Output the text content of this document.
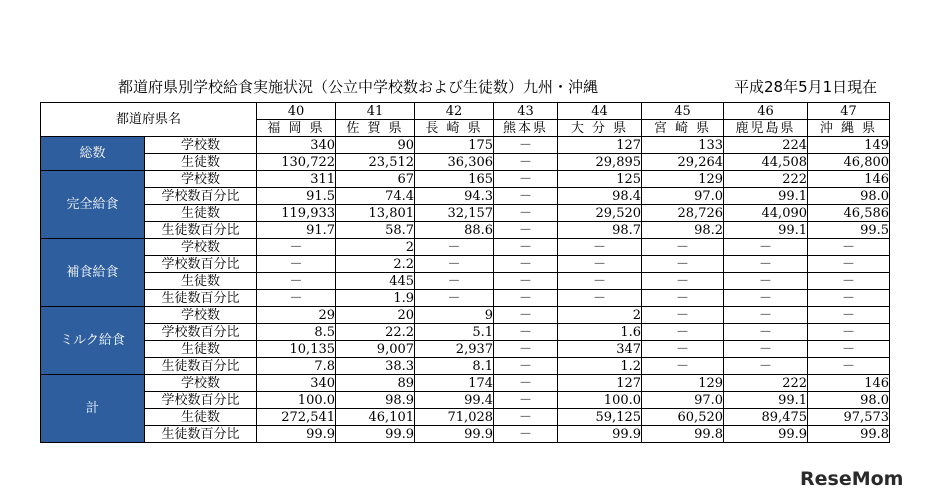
都道府県別学校給食実施状況（公立中学校数および生徒数）九州・沖縄	平成28年5月1日現在
都道府県名		40	41	42	43	44	45	46	47
		福 岡 県	佐 賀 県	長 崎 県	熊本県	大 分 県	宮 崎 県	鹿児島県	沖 縄 県
総数	学校数	340	90	175	－	127	133	224	149
	生徒数	130,722	23,512	36,306	－	29,895	29,264	44,508	46,800
完全給食	学校数	311	67	165	－	125	129	222	146
	学校数百分比	91.5	74.4	94.3	－	98.4	97.0	99.1	98.0
	生徒数	119,933	13,801	32,157	－	29,520	28,726	44,090	46,586
	生徒数百分比	91.7	58.7	88.6	－	98.7	98.2	99.1	99.5
補食給食	学校数	－	2	－	－	－	－	－	－
	学校数百分比	－	2.2	－	－	－	－	－	－
	生徒数	－	445	－	－	－	－	－	－
	生徒数百分比	－	1.9	－	－	－	－	－	－
ミルク給食	学校数	29	20	9	－	2	－	－	－
	学校数百分比	8.5	22.2	5.1	－	1.6	－	－	－
	生徒数	10,135	9,007	2,937	－	347	－	－	－
	生徒数百分比	7.8	38.3	8.1	－	1.2	－	－	－
計	学校数	340	89	174	－	127	129	222	146
	学校数百分比	100.0	98.9	99.4	－	100.0	97.0	99.1	98.0
	生徒数	272,541	46,101	71,028	－	59,125	60,520	89,475	97,573
	生徒数百分比	99.9	99.9	99.9	－	99.9	99.8	99.9	99.8
ReseMom
